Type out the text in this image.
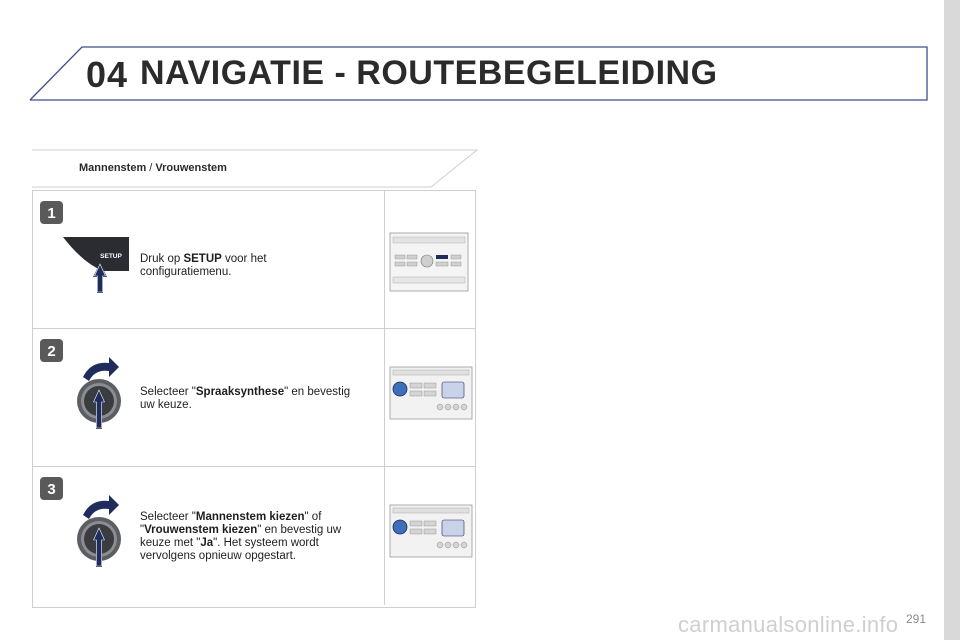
04 NAVIGATIE - ROUTEBEGELEIDING
Mannenstem / Vrouwenstem
1
SETUP Druk op SETUP voor het configuratiemenu.
2
Selecteer "Spraaksynthese" en bevestig uw keuze.
3
Selecteer "Mannenstem kiezen" of "Vrouwenstem kiezen" en bevestig uw keuze met "Ja". Het systeem wordt vervolgens opnieuw opgestart.
carmanualsonline.info 291
